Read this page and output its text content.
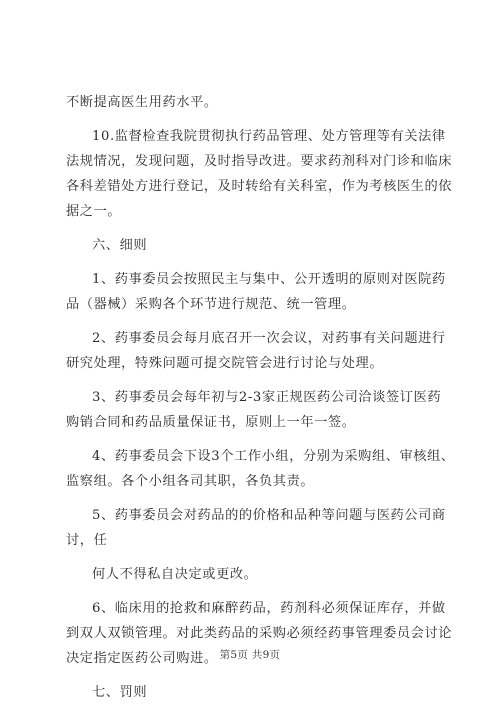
不断提高医生用药水平。

10.监督检查我院贯彻执行药品管理、处方管理等有关法律
法规情况，发现问题，及时指导改进。要求药剂科对门诊和临床
各科差错处方进行登记，及时转给有关科室，作为考核医生的依
据之一。

六、细则

1、药事委员会按照民主与集中、公开透明的原则对医院药
品（器械）采购各个环节进行规范、统一管理。

2、药事委员会每月底召开一次会议，对药事有关问题进行
研究处理，特殊问题可提交院管会进行讨论与处理。

3、药事委员会每年初与2-3家正规医药公司洽谈签订医药
购销合同和药品质量保证书，原则上一年一签。

4、药事委员会下设3个工作小组，分别为采购组、审核组、
监察组。各个小组各司其职，各负其责。

5、药事委员会对药品的的价格和品种等问题与医药公司商
讨，任

何人不得私自决定或更改。

6、临床用的抢救和麻醉药品，药剂科必须保证库存，并做
到双人双锁管理。对此类药品的采购必须经药事管理委员会讨论
决定指定医药公司购进。

七、罚则

第5页 共9页
